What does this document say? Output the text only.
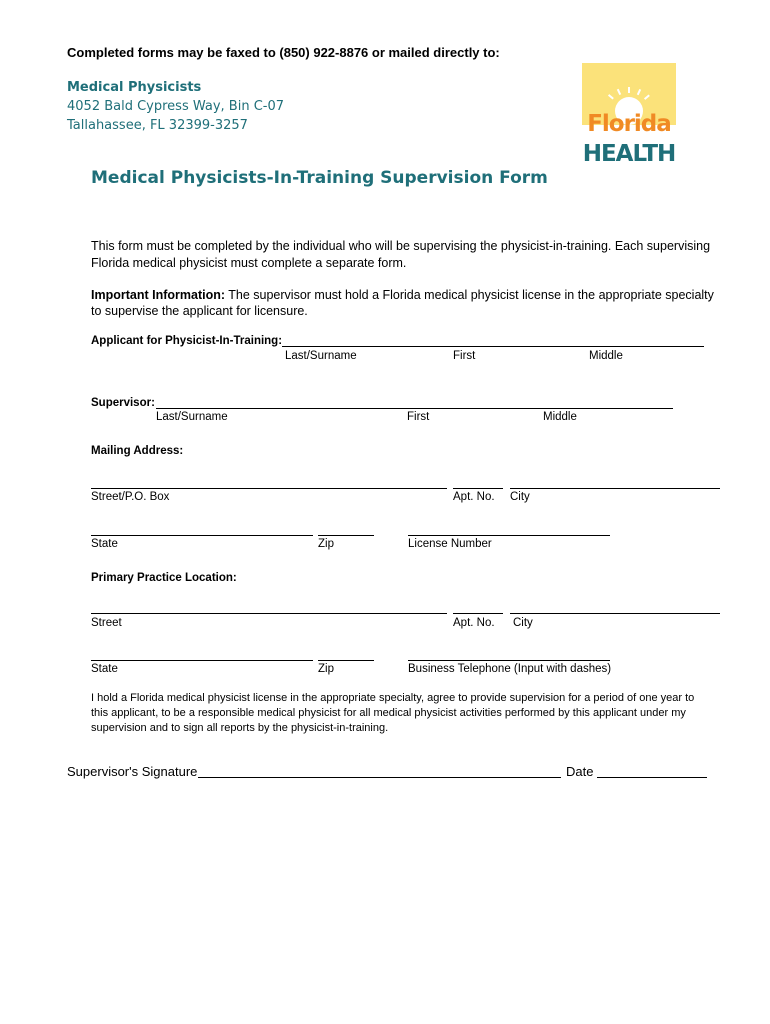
Completed forms may be faxed to (850) 922-8876 or mailed directly to:
Medical Physicists
4052 Bald Cypress Way, Bin C-07
Tallahassee, FL 32399-3257	Florida
HEALTH
Medical Physicists-In-Training Supervision Form
This form must be completed by the individual who will be supervising the physicist-in-training. Each supervising
Florida medical physicist must complete a separate form.
Important Information: The supervisor must hold a Florida medical physicist license in the appropriate specialty
to supervise the applicant for licensure.
Applicant for Physicist-In-Training:
Last/Surname	First	Middle
Supervisor:
Last/Surname	First	Middle
Mailing Address:
Street/P.O. Box	Apt. No. City
State	Zip	License Number
Primary Practice Location:
Street	Apt. No. City
State	Zip	Business Telephone (Input with dashes)
I hold a Florida medical physicist license in the appropriate specialty, agree to provide supervision for a period of one year to
this applicant, to be a responsible medical physicist for all medical physicist activities performed by this applicant under my
supervision and to sign all reports by the physicist-in-training.
Supervisor's Signature	Date
